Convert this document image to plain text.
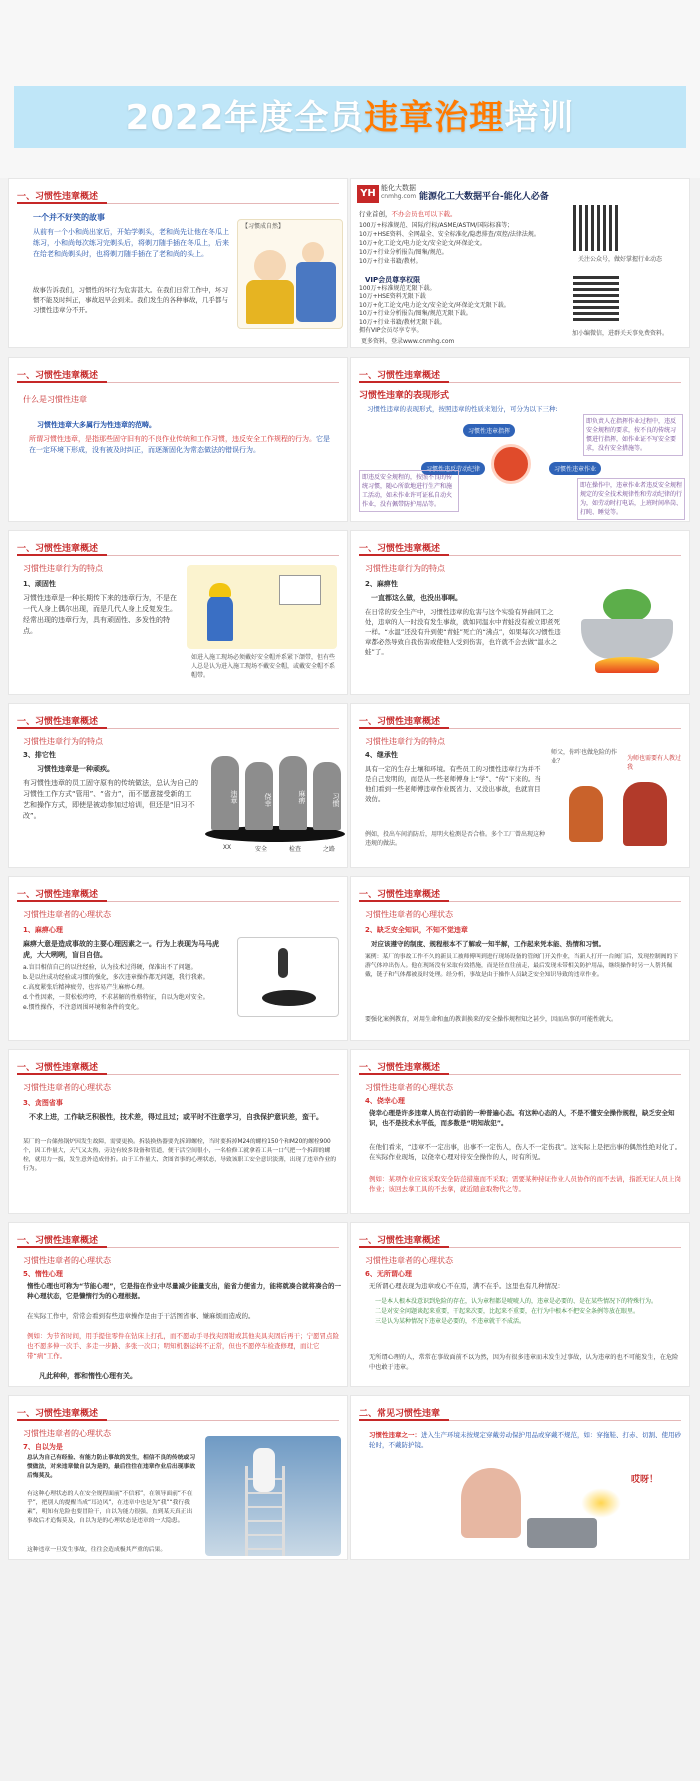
2022年度全员违章治理培训
一、习惯性违章概述
一个并不好笑的故事
从前有一个小和尚出家后，开始学剃头，老和尚先让他在冬瓜上练习，小和尚每次练习完剃头后，将剃刀随手插在冬瓜上，后来在给老和尚剃头时，也将剃刀随手插在了老和尚的头上。
故事告诉我们，习惯性的坏行为危害甚大。在我们日常工作中，坏习惯不能及时纠正，事故迟早会到来。我们发生的各种事故，几乎都与习惯性违章分不开。
【习惯成自然】
YH 能化大数据
cnmhg.com 能源化工大数据平台-能化人必备
行业首创，不办会员也可以下载。
100万+标准规范、国际/行标/ASME/ASTM/国际标准等；
10万+HSE资料、全网最全、安全标准化/隐患排查/双控/法律法规。
10万+化工论文/电力论文/安全论文/环保论文。
10万+行业分析报告/图集/规范。
10万+行业书籍/教材。
VIP会员尊享权限
100万+标准规范无限下载。
10万+HSE资料无限下载
10万+化工论文/电力论文/安全论文/环保论文无限下载。
10万+行业分析报告/图集/规范无限下载。
10万+行业书籍/教材无限下载。
拥有VIP会员尽享专享。
更多资料，登录www.cnmhg.com
关注公众号，做好掌握行业动态
加小编微信，进群关天事免费资料。
一、习惯性违章概述
什么是习惯性违章
习惯性违章大多属行为性违章的范畴。
所谓习惯性违章，是指那些固守旧有的不良作业传统和工作习惯，违反安全工作规程的行为。它是在一定环境下形成，没有被及时纠正，而逐渐固化为常态做法的错误行为。
一、习惯性违章概述
习惯性违章的表现形式
习惯性违章的表现形式，按照违章的性质来划分，可分为以下三种:
习惯性违章指挥
习惯性违章作业
习惯性违反劳动纪律
即负责人在指挥作业过程中，违反安全规程的要求，按不良的传统习惯进行指挥，如作业证不写安全要求，没有安全措施等。
即违反安全规程的，按照不良的传统习惯，随心所欲地进行生产和施工活动，如未作业许可证私自动火作业，没有佩带防护用品等。
即在操作中，违章作业者违反安全规程规定的安全技术规律性和劳动纪律的行为，如劳动时打电话，上班时间串岗、打盹、睡觉等。
一、习惯性违章概述
习惯性违章行为的特点
1、顽固性
习惯性违章是一种长期传下来的违章行为，不是在一代人身上偶尔出现，而是几代人身上反复发生。经常出现的违章行为，具有顽固性、多发性的特点。
如进入施工现场必须戴好安全帽并系紧下颌带，但有些人总是认为进入施工现场不戴安全帽，或戴安全帽不系帽带。
一、习惯性违章概述
习惯性违章行为的特点
2、麻痹性
一直都这么做，也没出事啊。
在日常的安全生产中，习惯性违章的危害与这个实验有异曲同工之处，违章的人一时没有发生事故，就如同温水中青蛙没有被立即煮死一样。“水温”还没有升到使“青蛙”死亡的“沸点”，如果每次习惯性违章都必然导致自我伤害或使他人受到伤害，也许就不会去做“温水之蛙”了。
一、习惯性违章概述
习惯性违章行为的特点
3、排它性
习惯性违章是一种顽疾。
有习惯性违章的员工固守原有的传统做法，总认为自己的习惯性工作方式“管用”、“省力”，而不愿意接受新的工艺和操作方式，即使是被动参加过培训，但还是“旧习不改”。
违章	侥幸	麻痹	习惯
XX	安全	检查	之路
一、习惯性违章概述
习惯性违章行为的特点
4、继承性
具有一定的生存土壤和环境。有些员工的习惯性违章行为并不是自己发明的，而是从一些老师傅身上“学”、“传”下来的。当他们看到一些老师傅违章作业既省力、又没出事故，也就盲目效仿。
例如，投出车间消防后，用明火检测是否合格。多个工厂曾出现这种违规的做法。
师父，你咋也做危险的作业？	为师也需要有人教过我
一、习惯性违章概述
习惯性违章者的心理状态
1、麻痹心理
麻痹大意是造成事故的主要心理因素之一。行为上表现为马马虎虎，大大咧咧，盲目自信。
a.盲目相信自己的以往经验，认为技术过得硬，保准出不了问题。
b.是以往成功经验或习惯的强化，多次违章操作都无问题，我行我素。
c.高度紧张后精神疲劳，也容易产生麻痹心理。
d.个性因素，一贯松松垮垮，不求甚解的性格特征，自以为绝对安全。
e.惯性操作，不注意周围环境和条件的变化。
一、习惯性违章概述
习惯性违章者的心理状态
2、缺乏安全知识，不知不觉违章
对应该遵守的制度、规程根本不了解或一知半解，工作起来凭本能、热情和习惯。
案例：某厂的事故工作不久的新员工被师傅叫到进行现场设备的管阀门开关作业，当新人打开一台阀门后，发现控制阀的下游气体冲出伤人。他在现场没有采取有效措施，而是径直往前走，最后发现未带相关防护用品，继续操作时另一人帮其佩戴，链子和气体都被及时处理。经分析，事故是由于操作人员缺乏安全知识导致的违章作业。
要强化案例教育，对用生命和血的教训换来的安全操作规程知之甚少，因而出事的可能性就大。
一、习惯性违章概述
习惯性违章者的心理状态
3、贪图省事
不求上进，工作缺乏积极性，技术差，得过且过；或平时不注意学习，自我保护意识差，蛮干。
某厂的一台储热锅炉因发生故障，需要更换。拆装换热器要先拆卸螺栓，当时要拆掉M24的螺栓150个和M20的螺栓900个，因工作量大，天气又太热，旁边有较多设备和管道，便干活空间很小，一名检修工就拿着工具一口气把一个拆卸的螺栓，就用力一扳，发生意外造成骨折。由于工作量大、贪图省事的心理状态，导致该职工安全意识淡薄，出现了违章作业的行为。
一、习惯性违章概述
习惯性违章者的心理状态
4、侥幸心理
侥幸心理是许多违章人员在行动前的一种普遍心态。有这种心态的人，不是不懂安全操作规程，缺乏安全知识，也不是技术水平低，而多数是“明知故犯”。
在他们看来，“违章不一定出事，出事不一定伤人，伤人不一定伤我”。这实际上是把出事的偶然性绝对化了。在实际作业现场，以侥幸心理对待安全操作的人，时有所见。
例如：某项作业应该采取安全防范措施而不采取；需要某种持证作业人员协作的而不去请，指派无证人员上岗作业；该回去拿工具的不去拿，就近随意取物代之等。
一、习惯性违章概述
习惯性违章者的心理状态
5、惰性心理
惰性心理也可称为“节能心理”，它是指在作业中尽量减少能量支出，能省力便省力，能将就凑合就将凑合的一种心理状态，它是懒惰行为的心理根据。
在实际工作中，常常会看到有些违章操作是由于干活图省事、嫌麻烦而造成的。
例如：为节省时间，用手提住零件在钻床上打孔，而不愿动手寻找夹固钳或其他夹具夹固后再干；宁愿冒点险也不愿多伸一次手、多走一步路、多张一次口；明知机器运转不正常，但也不愿停车检查修理，而让它带“病”工作。
凡此种种，都和惰性心理有关。
一、习惯性违章概述
习惯性违章者的心理状态
6、无所谓心理
无所谓心理表现为违章或心不在焉，满不在乎。这里也有几种情况：
一是本人根本没意识到危险的存在，认为章程都是唬唬人的，违章是必要的、是在某些情况下的特殊行为。
二是对安全问题谈起来重要，干起来次要，比起来不重要，在行为中根本不把安全条例等放在眼里。
三是认为某种情况下违章是必要的，不违章就干不成活。
无所谓心理的人，常常在事故面前不以为然，因为有很多违章而未发生过事故，认为违章的也不可能发生，在危险中也敢于违章。
一、习惯性违章概述
习惯性违章者的心理状态
7、自以为是
总认为自己有经验、有能力防止事故的发生，相信不良的传统或习惯做法，对来违章做自以为是的，最后往往在违章作业后出现事故后悔莫及。
有这种心理状态的人在安全规程面前“不信邪”，在领导面前“不在乎”，把别人的提醒当成“耳边风”，在违章中也是为“我”“我行我素”，明知有危险也要冒险干，自以为能力很强，直到某天真正出事故后才追悔莫及，自以为是的心理状态是违章的一大隐患。
这种违章一旦发生事故，往往会造成极其严重的后果。
二、常见习惯性违章
习惯性违章之一：进入生产环境未按规定穿戴劳动保护用品或穿戴不规范，如：穿拖鞋、打赤、切割、使用砂轮时，不戴防护镜。
哎呀！
